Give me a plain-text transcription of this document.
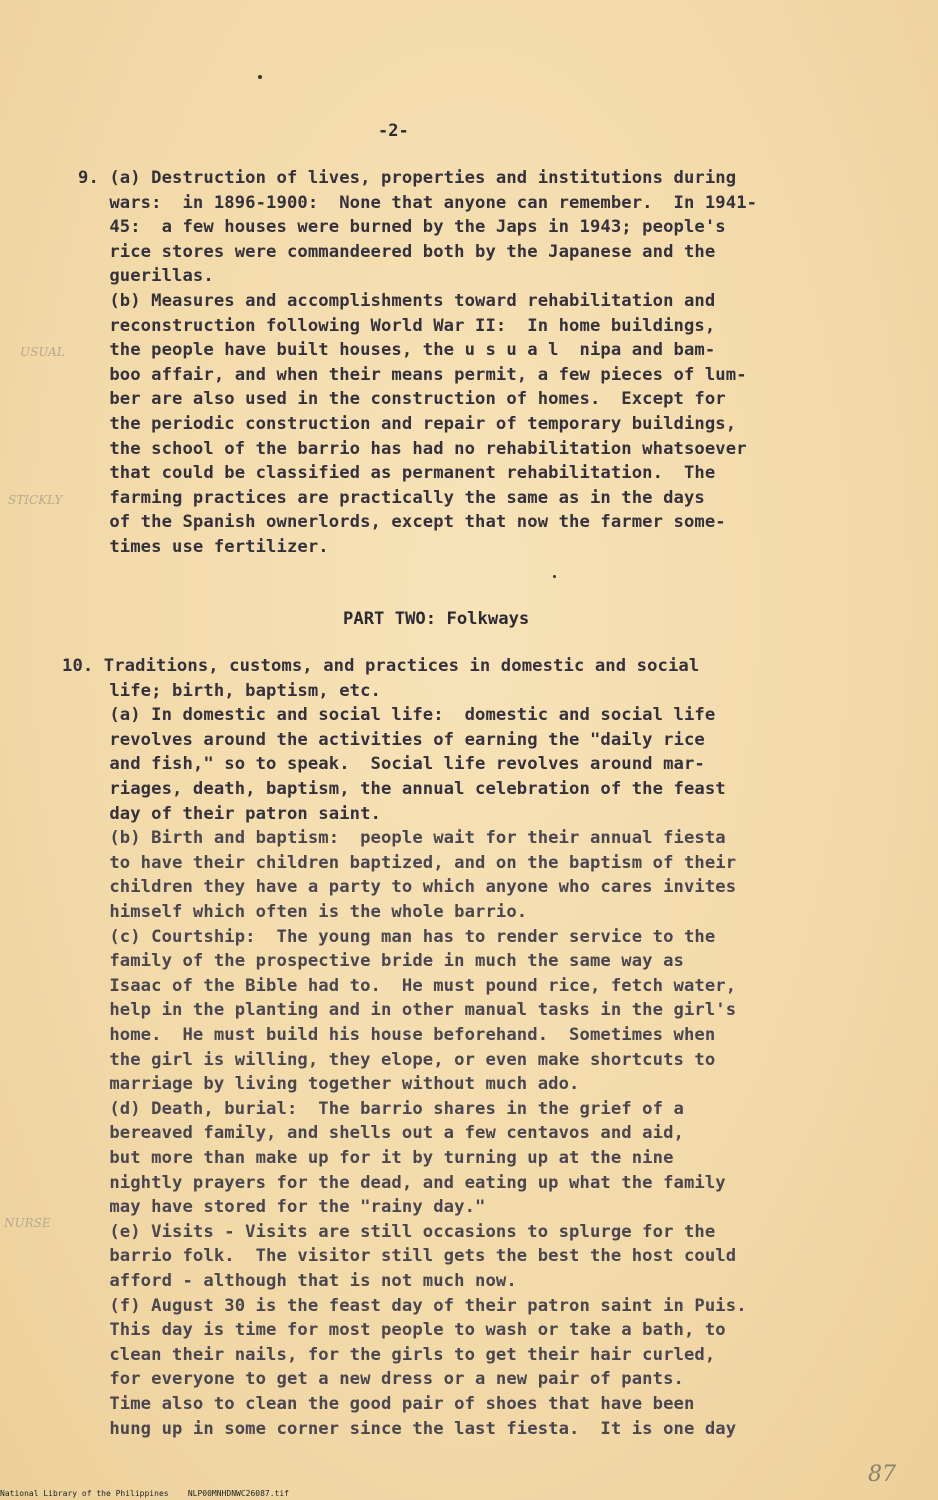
-2-
PART TWO: Folkways
USUAL
STICKLY
NURSE
87
National Library of the Philippines    NLP00MNHDNWC26087.tif
9. (a) Destruction of lives, properties and institutions during
wars:  in 1896-1900:  None that anyone can remember.  In 1941-
45:  a few houses were burned by the Japs in 1943; people's
rice stores were commandeered both by the Japanese and the
guerillas.
(b) Measures and accomplishments toward rehabilitation and
reconstruction following World War II:  In home buildings,
the people have built houses, the u s u a l  nipa and bam-
boo affair, and when their means permit, a few pieces of lum-
ber are also used in the construction of homes.  Except for
the periodic construction and repair of temporary buildings,
the school of the barrio has had no rehabilitation whatsoever
that could be classified as permanent rehabilitation.  The
farming practices are practically the same as in the days
of the Spanish ownerlords, except that now the farmer some-
times use fertilizer.
10. Traditions, customs, and practices in domestic and social
life; birth, baptism, etc.
(a) In domestic and social life:  domestic and social life
revolves around the activities of earning the "daily rice
and fish," so to speak.  Social life revolves around mar-
riages, death, baptism, the annual celebration of the feast
day of their patron saint.
(b) Birth and baptism:  people wait for their annual fiesta
to have their children baptized, and on the baptism of their
children they have a party to which anyone who cares invites
himself which often is the whole barrio.
(c) Courtship:  The young man has to render service to the
family of the prospective bride in much the same way as
Isaac of the Bible had to.  He must pound rice, fetch water,
help in the planting and in other manual tasks in the girl's
home.  He must build his house beforehand.  Sometimes when
the girl is willing, they elope, or even make shortcuts to
marriage by living together without much ado.
(d) Death, burial:  The barrio shares in the grief of a
bereaved family, and shells out a few centavos and aid,
but more than make up for it by turning up at the nine
nightly prayers for the dead, and eating up what the family
may have stored for the "rainy day."
(e) Visits - Visits are still occasions to splurge for the
barrio folk.  The visitor still gets the best the host could
afford - although that is not much now.
(f) August 30 is the feast day of their patron saint in Puis.
This day is time for most people to wash or take a bath, to
clean their nails, for the girls to get their hair curled,
for everyone to get a new dress or a new pair of pants.
Time also to clean the good pair of shoes that have been
hung up in some corner since the last fiesta.  It is one day
